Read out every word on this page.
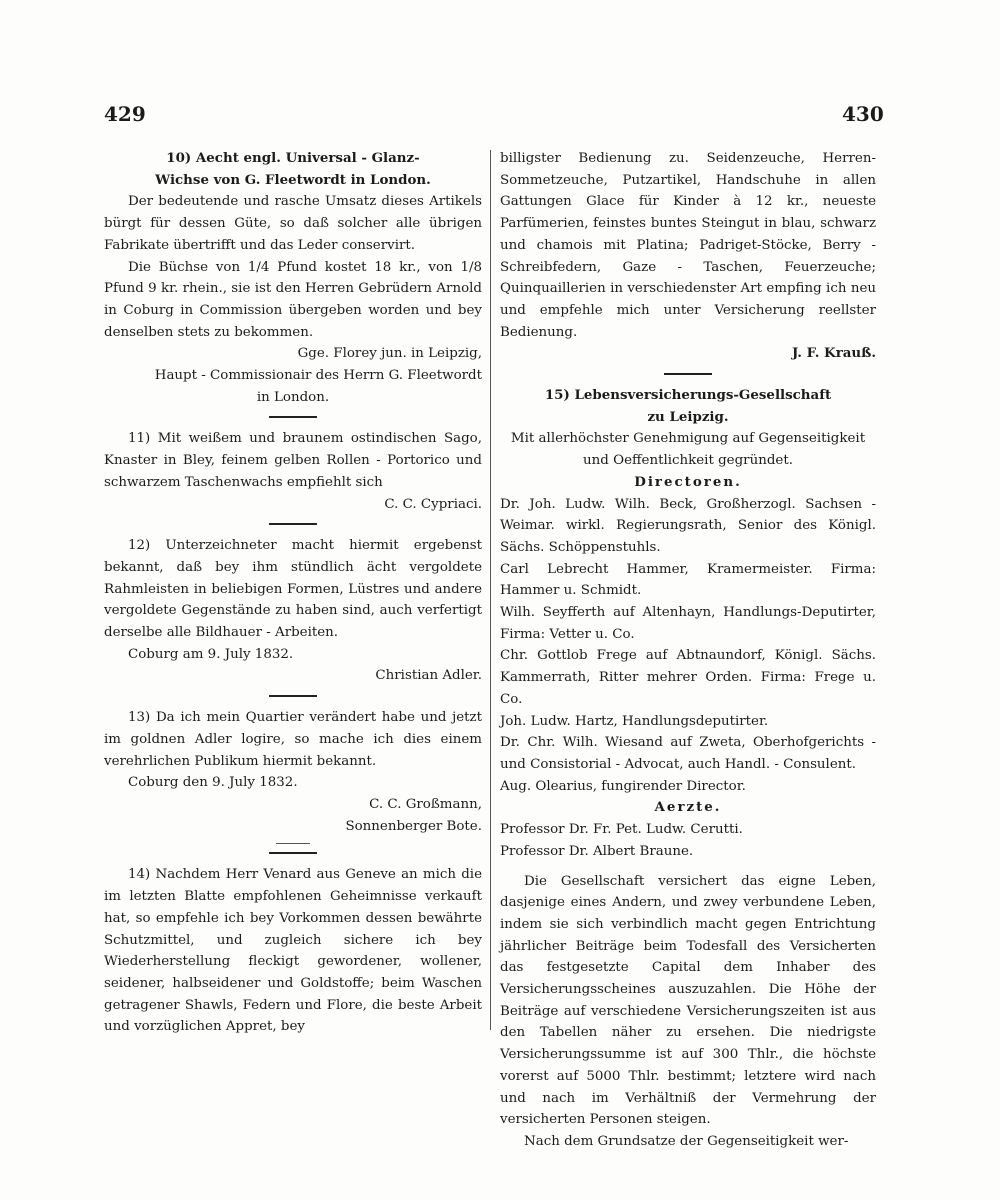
429	430
10) Aecht engl. Universal - Glanz-
Wichse von G. Fleetwordt in London.

Der bedeutende und rasche Umsatz dieses Artikels bürgt für dessen Güte, so daß solcher alle übrigen Fabrikate übertrifft und das Leder conservirt.

Die Büchse von 1/4 Pfund kostet 18 kr., von 1/8 Pfund 9 kr. rhein., sie ist den Herren Gebrüdern Arnold in Coburg in Commission übergeben worden und bey denselben stets zu bekommen.

Gge. Florey jun. in Leipzig,
Haupt - Commissionair des Herrn G. Fleetwordt
in London.

11) Mit weißem und braunem ostindischen Sago, Knaster in Bley, feinem gelben Rollen - Portorico und schwarzem Taschenwachs empfiehlt sich

C. C. Cypriaci.

12) Unterzeichneter macht hiermit ergebenst bekannt, daß bey ihm stündlich ächt vergoldete Rahmleisten in beliebigen Formen, Lüstres und andere vergoldete Gegenstände zu haben sind, auch verfertigt derselbe alle Bildhauer - Arbeiten.

Coburg am 9. July 1832.
Christian Adler.

13) Da ich mein Quartier verändert habe und jetzt im goldnen Adler logire, so mache ich dies einem verehrlichen Publikum hiermit bekannt.

Coburg den 9. July 1832.
C. C. Großmann,
Sonnenberger Bote.

14) Nachdem Herr Venard aus Geneve an mich die im letzten Blatte empfohlenen Geheimnisse verkauft hat, so empfehle ich bey Vorkommen dessen bewährte Schutzmittel, und zugleich sichere ich bey Wiederherstellung fleckigt gewordener, wollener, seidener, halbseidener und Goldstoffe; beim Waschen getragener Shawls, Federn und Flore, die beste Arbeit und vorzüglichen Appret, bey

billigster Bedienung zu. Seidenzeuche, Herren-Sommetzeuche, Putzartikel, Handschuhe in allen Gattungen Glace für Kinder à 12 kr., neueste Parfümerien, feinstes buntes Steingut in blau, schwarz und chamois mit Platina; Padriget-Stöcke, Berry - Schreibfedern, Gaze - Taschen, Feuerzeuche; Quinquaillerien in verschiedenster Art empfing ich neu und empfehle mich unter Versicherung reellster Bedienung.

J. F. Krauß.
15) Lebensversicherungs-Gesellschaft
zu Leipzig.

Mit allerhöchster Genehmigung auf Gegenseitigkeit und Oeffentlichkeit gegründet.

Directoren.

Dr. Joh. Ludw. Wilh. Beck, Großherzogl. Sachsen - Weimar. wirkl. Regierungsrath, Senior des Königl. Sächs. Schöppenstuhls.

Carl Lebrecht Hammer, Kramermeister. Firma: Hammer u. Schmidt.

Wilh. Seyfferth auf Altenhayn, Handlungs-Deputirter, Firma: Vetter u. Co.

Chr. Gottlob Frege auf Abtnaundorf, Königl. Sächs. Kammerrath, Ritter mehrer Orden. Firma: Frege u. Co.

Joh. Ludw. Hartz, Handlungsdeputirter.

Dr. Chr. Wilh. Wiesand auf Zweta, Oberhofgerichts - und Consistorial - Advocat, auch Handl. - Consulent.

Aug. Olearius, fungirender Director.

Aerzte.

Professor Dr. Fr. Pet. Ludw. Cerutti.

Professor Dr. Albert Braune.

Die Gesellschaft versichert das eigne Leben, dasjenige eines Andern, und zwey verbundene Leben, indem sie sich verbindlich macht gegen Entrichtung jährlicher Beiträge beim Todesfall des Versicherten das festgesetzte Capital dem Inhaber des Versicherungsscheines auszuzahlen. Die Höhe der Beiträge auf verschiedene Versicherungszeiten ist aus den Tabellen näher zu ersehen. Die niedrigste Versicherungssumme ist auf 300 Thlr., die höchste vorerst auf 5000 Thlr. bestimmt; letztere wird nach und nach im Verhältniß der Vermehrung der versicherten Personen steigen.

Nach dem Grundsatze der Gegenseitigkeit wer-
